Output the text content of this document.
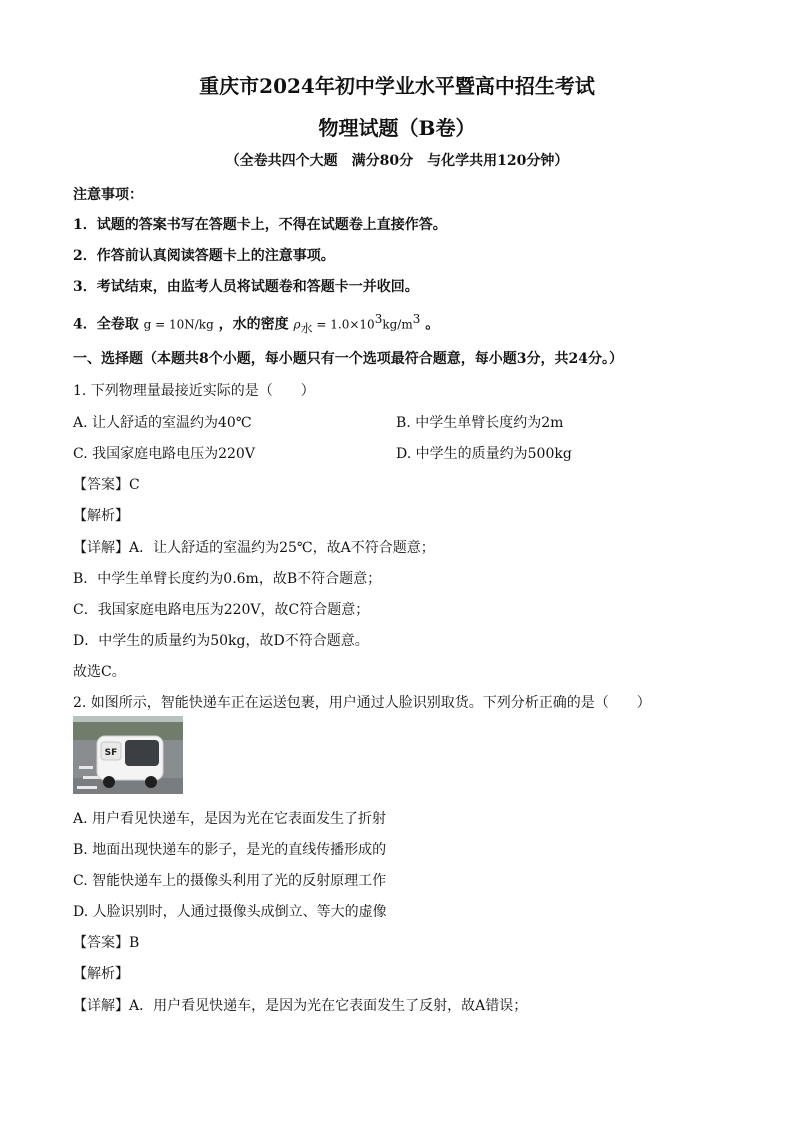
重庆市2024年初中学业水平暨高中招生考试
物理试题（B卷）
（全卷共四个大题　满分80分　与化学共用120分钟）
注意事项：
1．试题的答案书写在答题卡上，不得在试题卷上直接作答。
2．作答前认真阅读答题卡上的注意事项。
3．考试结束，由监考人员将试题卷和答题卡一并收回。
4．全卷取 g = 10N/kg ，水的密度 $\rho_水 = 1.0\times 10^3kg/m^3$ 。
一、选择题（本题共8个小题，每小题只有一个选项最符合题意，每小题3分，共24分。）
1. 下列物理量最接近实际的是（　　）
A. 让人舒适的室温约为40℃	B. 中学生单臂长度约为2m
C. 我国家庭电路电压为220V	D. 中学生的质量约为500kg
【答案】C
【解析】
【详解】A．让人舒适的室温约为25℃，故A不符合题意；
B．中学生单臂长度约为0.6m，故B不符合题意；
C．我国家庭电路电压为220V，故C符合题意；
D．中学生的质量约为50kg，故D不符合题意。
故选C。
2. 如图所示，智能快递车正在运送包裹，用户通过人脸识别取货。下列分析正确的是（　　）
SF
A. 用户看见快递车，是因为光在它表面发生了折射
B. 地面出现快递车的影子，是光的直线传播形成的
C. 智能快递车上的摄像头利用了光的反射原理工作
D. 人脸识别时，人通过摄像头成倒立、等大的虚像
【答案】B
【解析】
【详解】A．用户看见快递车，是因为光在它表面发生了反射，故A错误；
